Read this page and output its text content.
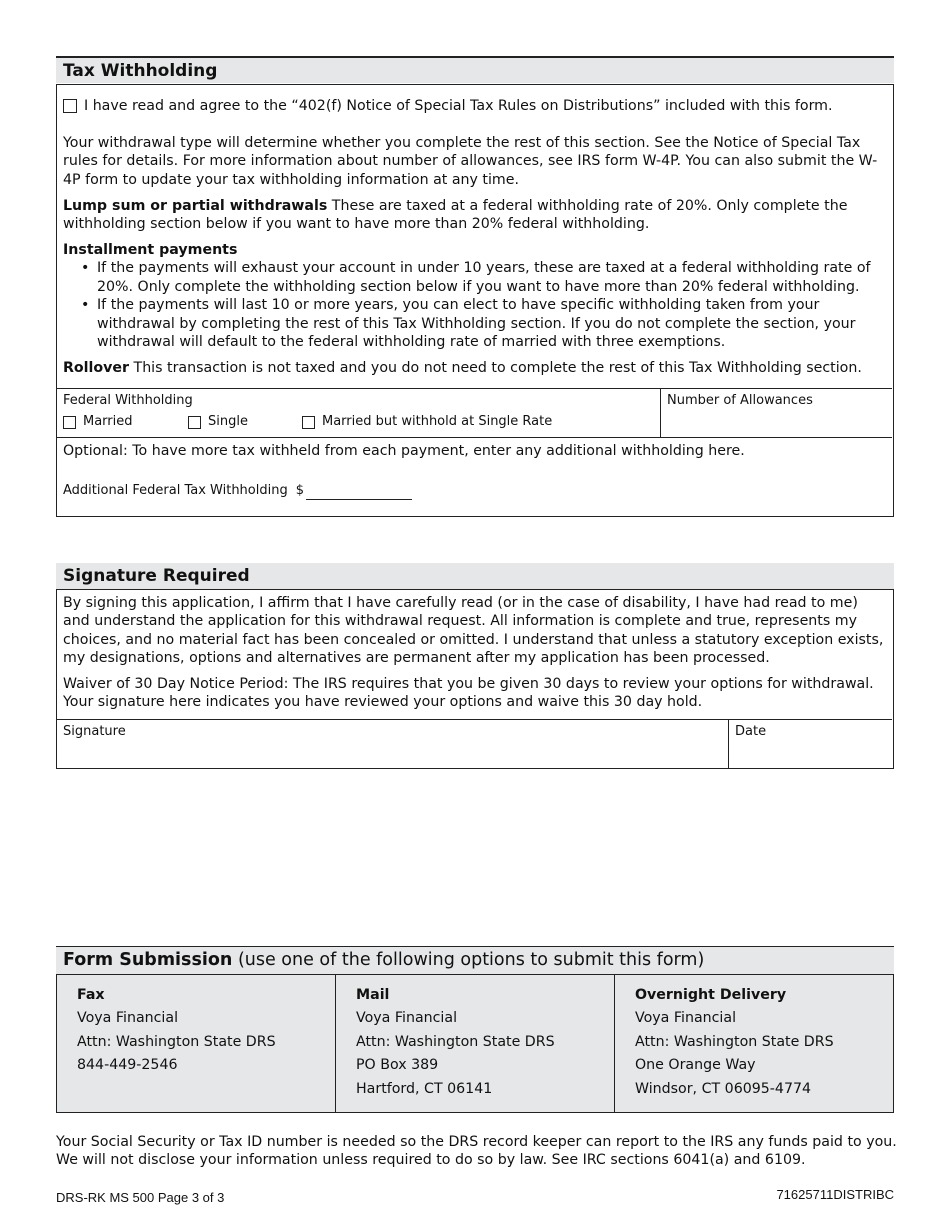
Tax Withholding
I have read and agree to the “402(f) Notice of Special Tax Rules on Distributions” included with this form.

Your withdrawal type will determine whether you complete the rest of this section. See the Notice of Special Tax rules for details. For more information about number of allowances, see IRS form W-4P. You can also submit the W-4P form to update your tax withholding information at any time.

Lump sum or partial withdrawals These are taxed at a federal withholding rate of 20%. Only complete the withholding section below if you want to have more than 20% federal withholding.

Installment payments
• If the payments will exhaust your account in under 10 years, these are taxed at a federal withholding rate of 20%. Only complete the withholding section below if you want to have more than 20% federal withholding.
• If the payments will last 10 or more years, you can elect to have specific withholding taken from your withdrawal by completing the rest of this Tax Withholding section. If you do not complete the section, your withdrawal will default to the federal withholding rate of married with three exemptions.

Rollover This transaction is not taxed and you do not need to complete the rest of this Tax Withholding section.

Federal Withholding
Married	Single	Married but withhold at Single Rate
Number of Allowances
Optional: To have more tax withheld from each payment, enter any additional withholding here.
Additional Federal Tax Withholding $
Signature Required

By signing this application, I affirm that I have carefully read (or in the case of disability, I have had read to me) and understand the application for this withdrawal request. All information is complete and true, represents my choices, and no material fact has been concealed or omitted. I understand that unless a statutory exception exists, my designations, options and alternatives are permanent after my application has been processed.

Waiver of 30 Day Notice Period: The IRS requires that you be given 30 days to review your options for withdrawal. Your signature here indicates you have reviewed your options and waive this 30 day hold.

Signature	Date
Form Submission (use one of the following options to submit this form)
Fax
Voya Financial
Attn: Washington State DRS
844-449-2546
Mail
Voya Financial
Attn: Washington State DRS
PO Box 389
Hartford, CT 06141
Overnight Delivery
Voya Financial
Attn: Washington State DRS
One Orange Way
Windsor, CT 06095-4774

Your Social Security or Tax ID number is needed so the DRS record keeper can report to the IRS any funds paid to you. We will not disclose your information unless required to do so by law. See IRC sections 6041(a) and 6109.

DRS-RK MS 500 Page 3 of 3	71625711DISTRIBC
